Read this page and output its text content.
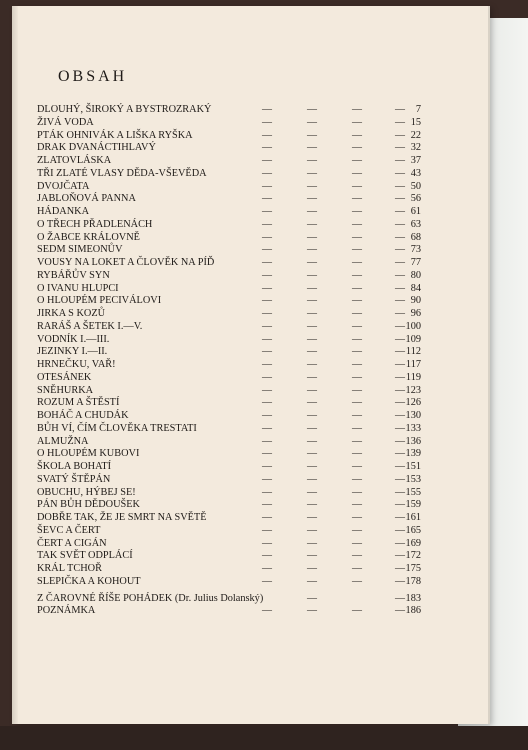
OBSAH
DLOUHÝ, ŠIROKÝ A BYSTROZRAKÝ	—	—	—	—	7
ŽIVÁ VODA	—	—	—	— 15
PTÁK OHNIVÁK A LIŠKA RYŠKA	—	—	—	— 22
DRAK DVANÁCTIHLAVÝ	—	—	—	— 32
ZLATOVLÁSKA	—	—	—	— 37
TŘI ZLATÉ VLASY DĚDA-VŠEVĚDA	—	—	—	— 43
DVOJČATA	—	—	—	— 50
JABLOŇOVÁ PANNA	—	—	—	— 56
HÁDANKA	—	—	—	— 61
O TŘECH PŘADLENÁCH	—	—	—	— 63
O ŽABCE KRÁLOVNĚ	—	—	—	— 68
SEDM SIMEONŮV	—	—	—	— 73
VOUSY NA LOKET A ČLOVĚK NA PÍĎ	—	—	—	— 77
RYBÁŘŮV SYN	—	—	—	— 80
O IVANU HLUPCI	—	—	—	— 84
O HLOUPÉM PECIVÁLOVI	—	—	—	— 90
JIRKA S KOZŮ	—	—	—	— 96
RARÁŠ A ŠETEK I.—V.	—	—	—	— 100
VODNÍK I.—III.	—	—	—	— 109
JEZINKY I.—II.	—	—	—	— 112
HRNEČKU, VAŘ!	—	—	—	— 117
OTESÁNEK	—	—	—	— 119
SNĚHURKA	—	—	—	— 123
ROZUM A ŠTĚSTÍ	—	—	—	— 126
BOHÁČ A CHUDÁK	—	—	—	— 130
BŮH VÍ, ČÍM ČLOVĚKA TRESTATI	—	—	—	— 133
ALMUŽNA	—	—	—	— 136
O HLOUPÉM KUBOVI	—	—	—	— 139
ŠKOLA BOHATÍ	—	—	—	— 151
SVATÝ ŠTĚPÁN	—	—	—	— 153
OBUCHU, HÝBEJ SE!	—	—	—	— 155
PÁN BŮH DĚDOUŠEK	—	—	—	— 159
DOBŘE TAK, ŽE JE SMRT NA SVĚTĚ	—	—	—	— 161
ŠEVC A ČERT	—	—	—	— 165
ČERT A CIGÁN	—	—	—	— 169
TAK SVĚT ODPLÁCÍ	—	—	—	— 172
KRÁL TCHOŘ	—	—	—	— 175
SLEPIČKA A KOHOUT	—	—	—	— 178
Z ČAROVNÉ ŘÍŠE POHÁDEK (Dr. Julius Dolanský)	—	— 183
POZNÁMKA	—	—	—	— 186
